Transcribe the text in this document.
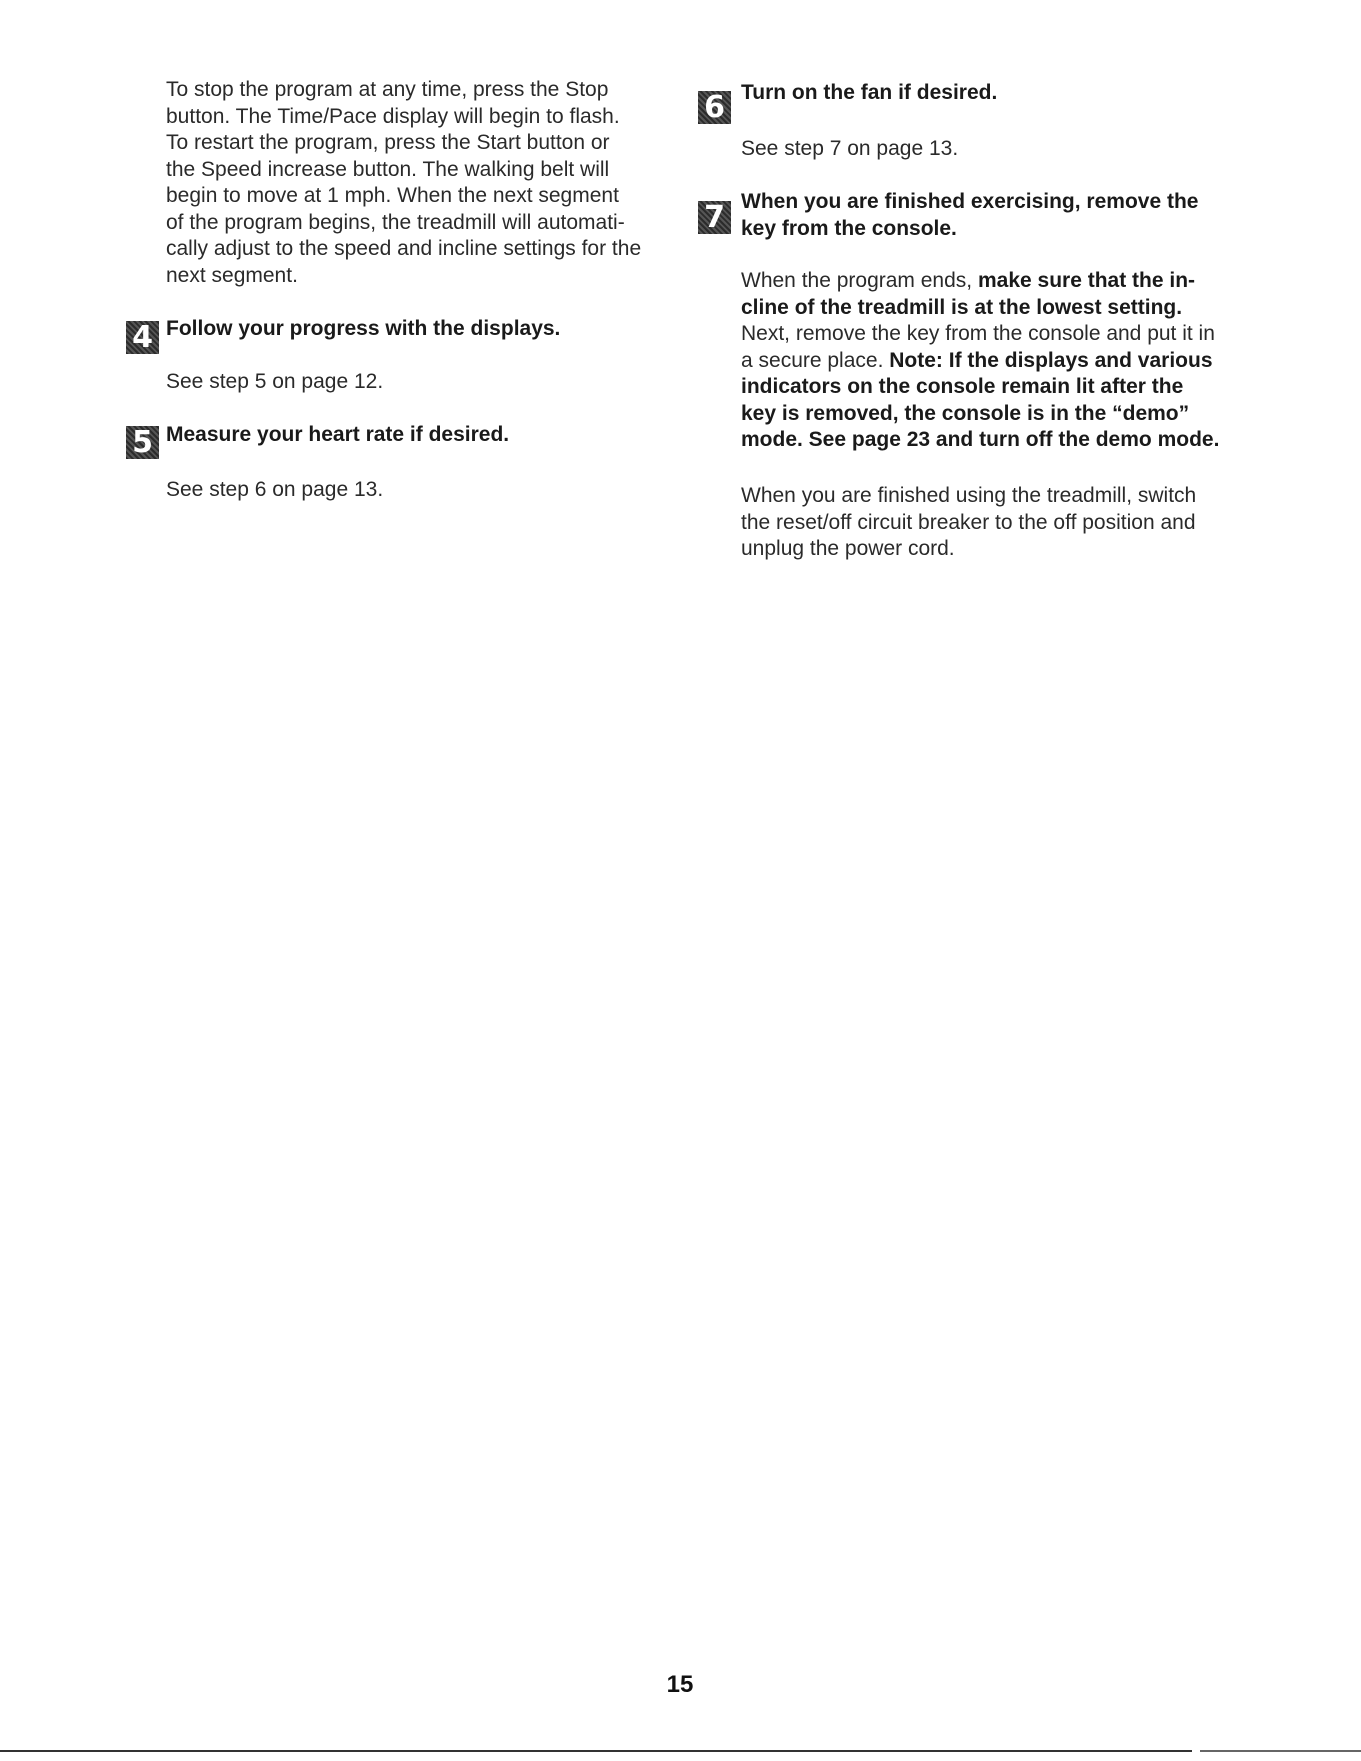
To stop the program at any time, press the Stop
button. The Time/Pace display will begin to flash.
To restart the program, press the Start button or
the Speed increase button. The walking belt will
begin to move at 1 mph. When the next segment
of the program begins, the treadmill will automati-
cally adjust to the speed and incline settings for the
next segment.
4 Follow your progress with the displays.
See step 5 on page 12.
5 Measure your heart rate if desired.
See step 6 on page 13.
6 Turn on the fan if desired.
See step 7 on page 13.
7 When you are finished exercising, remove the
key from the console.
When the program ends, make sure that the in-
cline of the treadmill is at the lowest setting.
Next, remove the key from the console and put it in
a secure place. Note: If the displays and various
indicators on the console remain lit after the
key is removed, the console is in the “demo”
mode. See page 23 and turn off the demo mode.
When you are finished using the treadmill, switch
the reset/off circuit breaker to the off position and
unplug the power cord.
15
